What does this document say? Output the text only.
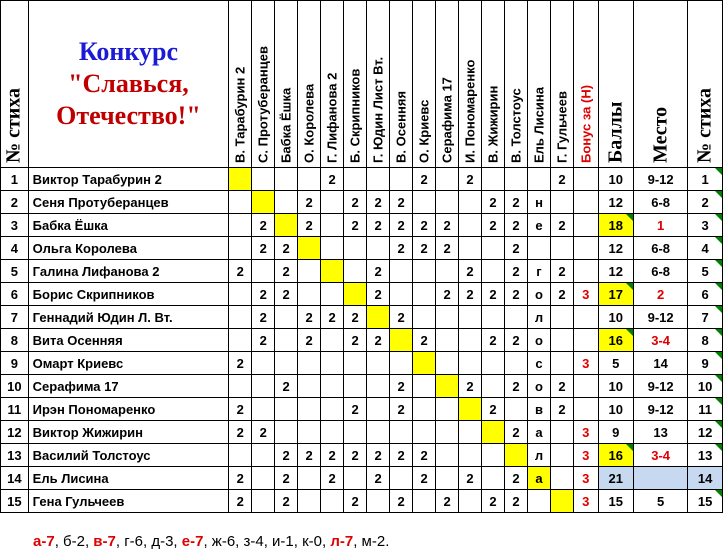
№ стиха	Конкурс
"Славься,
Отечество!"	В. Тарабурин 2	С. Протуберанцев	Бабка Ёшка	О. Королева	Г. Лифанова 2	Б. Скрипников	Г. Юдин Лист Вт.	В. Осенняя	О. Криевс	Серафима 17	И. Пономаренко	В. Жижирин	В. Толстоус	Ель Лисина	Г. Гульчеев	Бонус за (Н)	Баллы	Место	№ стиха

1	Виктор Тарабурин 2					2				2		2				2		10	9-12	1
2	Сеня Протуберанцев				2		2	2	2				2	2	н			12	6-8	2
3	Бабка Ёшка		2		2		2	2	2	2	2		2	2	е	2		18	1	3
4	Ольга Королева		2	2					2	2	2			2				12	6-8	4
5	Галина Лифанова 2	2		2				2				2		2	г	2		12	6-8	5
6	Борис Скрипников		2	2				2			2	2	2	2	о	2	3	17	2	6
7	Геннадий Юдин Л. Вт.		2		2	2	2		2						л			10	9-12	7
8	Вита Осенняя		2		2		2	2		2			2	2	о			16	3-4	8
9	Омарт Криевс	2													с		3	5	14	9
10	Серафима 17			2					2			2		2	о	2		10	9-12	10
11	Ирэн Пономаренко	2					2		2				2		в	2		10	9-12	11
12	Виктор Жижирин	2	2											2	а		3	9	13	12
13	Василий Толстоус			2	2	2	2	2	2	2					л		3	16	3-4	13
14	Ель Лисина	2		2		2		2		2		2		2	а		3	21		14
15	Гена Гульчеев	2		2			2		2		2		2	2			3	15	5	15
а-7, б-2, в-7, г-6, д-3, е-7, ж-6, з-4, и-1, к-0, л-7, м-2.
